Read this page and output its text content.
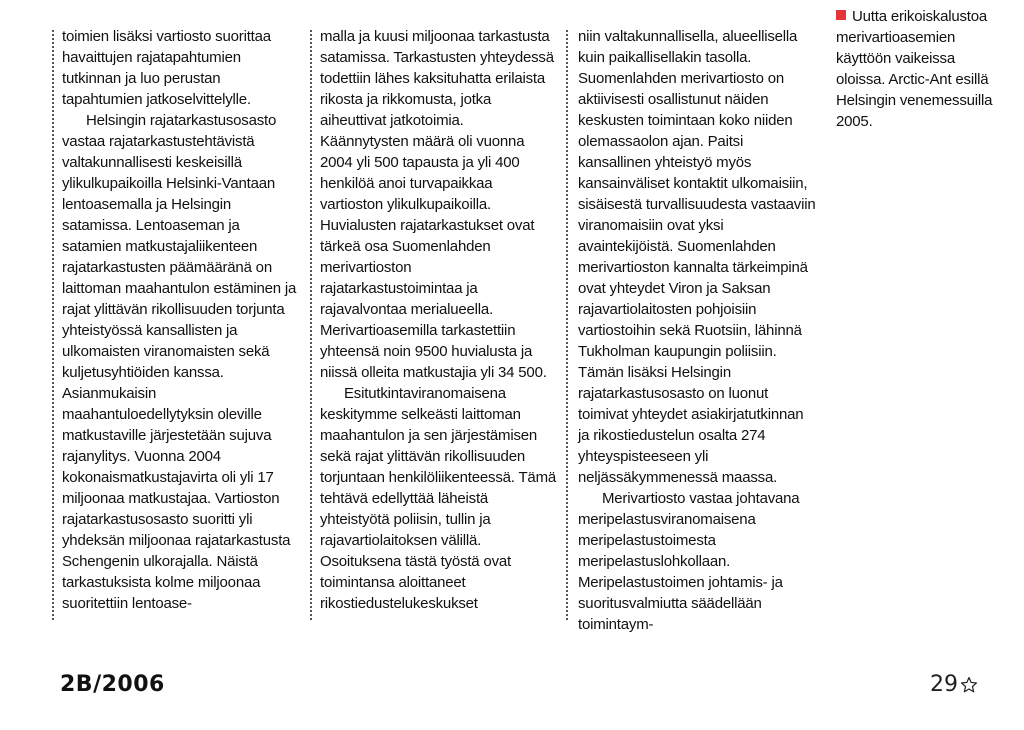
toimien lisäksi vartiosto suorittaa havaittujen rajatapahtumien tutkinnan ja luo perustan tapahtumien jatkoselvittelylle.

Helsingin rajatarkastusosasto vastaa rajatarkastustehtävistä valtakunnallisesti keskeisillä ylikulkupaikoilla Helsinki-Vantaan lentoasemalla ja Helsingin satamissa. Lentoaseman ja satamien matkustajaliikenteen rajatarkastusten päämääränä on laittoman maahantulon estäminen ja rajat ylittävän rikollisuuden torjunta yhteistyössä kansallisten ja ulkomaisten viranomaisten sekä kuljetusyhtiöiden kanssa. Asianmukaisin maahantuloedellytyksin oleville matkustaville järjestetään sujuva rajanylitys. Vuonna 2004 kokonaismatkustajavirta oli yli 17 miljoonaa matkustajaa. Vartioston rajatarkastusosasto suoritti yli yhdeksän miljoonaa rajatarkastusta Schengenin ulkorajalla. Näistä tarkastuksista kolme miljoonaa suoritettiin lentoase-

malla ja kuusi miljoonaa tarkastusta satamissa. Tarkastusten yhteydessä todettiin lähes kaksituhatta erilaista rikosta ja rikkomusta, jotka aiheuttivat jatkotoimia. Käännytysten määrä oli vuonna 2004 yli 500 tapausta ja yli 400 henkilöä anoi turvapaikkaa vartioston ylikulkupaikoilla. Huvialusten rajatarkastukset ovat tärkeä osa Suomenlahden merivartioston rajatarkastustoimintaa ja rajavalvontaa merialueella. Merivartioasemilla tarkastettiin yhteensä noin 9500 huvialusta ja niissä olleita matkustajia yli 34 500.

Esitutkintaviranomaisena keskitymme selkeästi laittoman maahantulon ja sen järjestämisen sekä rajat ylittävän rikollisuuden torjuntaan henkilöliikenteessä. Tämä tehtävä edellyttää läheistä yhteistyötä poliisin, tullin ja rajavartiolaitoksen välillä. Osoituksena tästä työstä ovat toimintansa aloittaneet rikostiedustelukeskukset

niin valtakunnallisella, alueellisella kuin paikallisellakin tasolla. Suomenlahden merivartiosto on aktiivisesti osallistunut näiden keskusten toimintaan koko niiden olemassaolon ajan. Paitsi kansallinen yhteistyö myös kansainväliset kontaktit ulkomaisiin, sisäisestä turvallisuudesta vastaaviin viranomaisiin ovat yksi avaintekijöistä. Suomenlahden merivartioston kannalta tärkeimpinä ovat yhteydet Viron ja Saksan rajavartiolaitosten pohjoisiin vartiostoihin sekä Ruotsiin, lähinnä Tukholman kaupungin poliisiin. Tämän lisäksi Helsingin rajatarkastusosasto on luonut toimivat yhteydet asiakirjatutkinnan ja rikostiedustelun osalta 274 yhteyspisteeseen yli neljässäkymmenessä maassa.

Merivartiosto vastaa johtavana meripelastusviranomaisena meripelastustoimesta meripelastuslohkollaan. Meripelastustoimen johtamis- ja suoritusvalmiutta säädellään toimintaym-

Uutta erikoiskalustoa merivartioasemien käyttöön vaikeissa oloissa. Arctic-Ant esillä Helsingin venemessuilla 2005.
2B/2006	29
